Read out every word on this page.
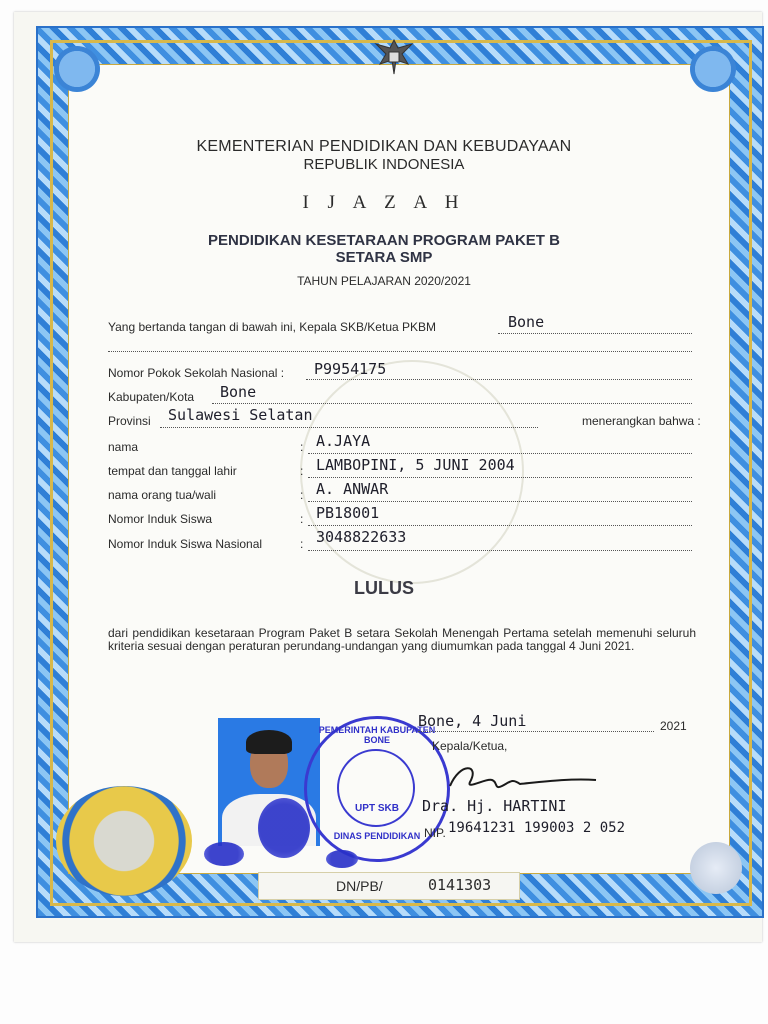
KEMENTERIAN PENDIDIKAN DAN KEBUDAYAAN
REPUBLIK INDONESIA
I J A Z A H
PENDIDIKAN KESETARAAN PROGRAM PAKET B
SETARA SMP
TAHUN PELAJARAN 2020/2021
Yang bertanda tangan di bawah ini, Kepala SKB/Ketua PKBM	Bone
Nomor Pokok Sekolah Nasional : P9954175
Kabupaten/Kota Bone
Provinsi Sulawesi Selatan	menerangkan bahwa :
nama	: A.JAYA
tempat dan tanggal lahir	: LAMBOPINI, 5 JUNI 2004
nama orang tua/wali	: A. ANWAR
Nomor Induk Siswa	: PB18001
Nomor Induk Siswa Nasional	: 3048822633
LULUS
dari pendidikan kesetaraan Program Paket B setara Sekolah Menengah Pertama setelah memenuhi seluruh kriteria sesuai dengan peraturan perundang-undangan yang diumumkan pada tanggal 4 Juni 2021.
PEMERINTAH KABUPATEN BONE
UPT SKB
DINAS PENDIDIKAN
Bone, 4 Juni	2021
Kepala/Ketua,
Dra. Hj. HARTINI
NIP. 19641231 199003 2 052
DN/PB/	0141303
